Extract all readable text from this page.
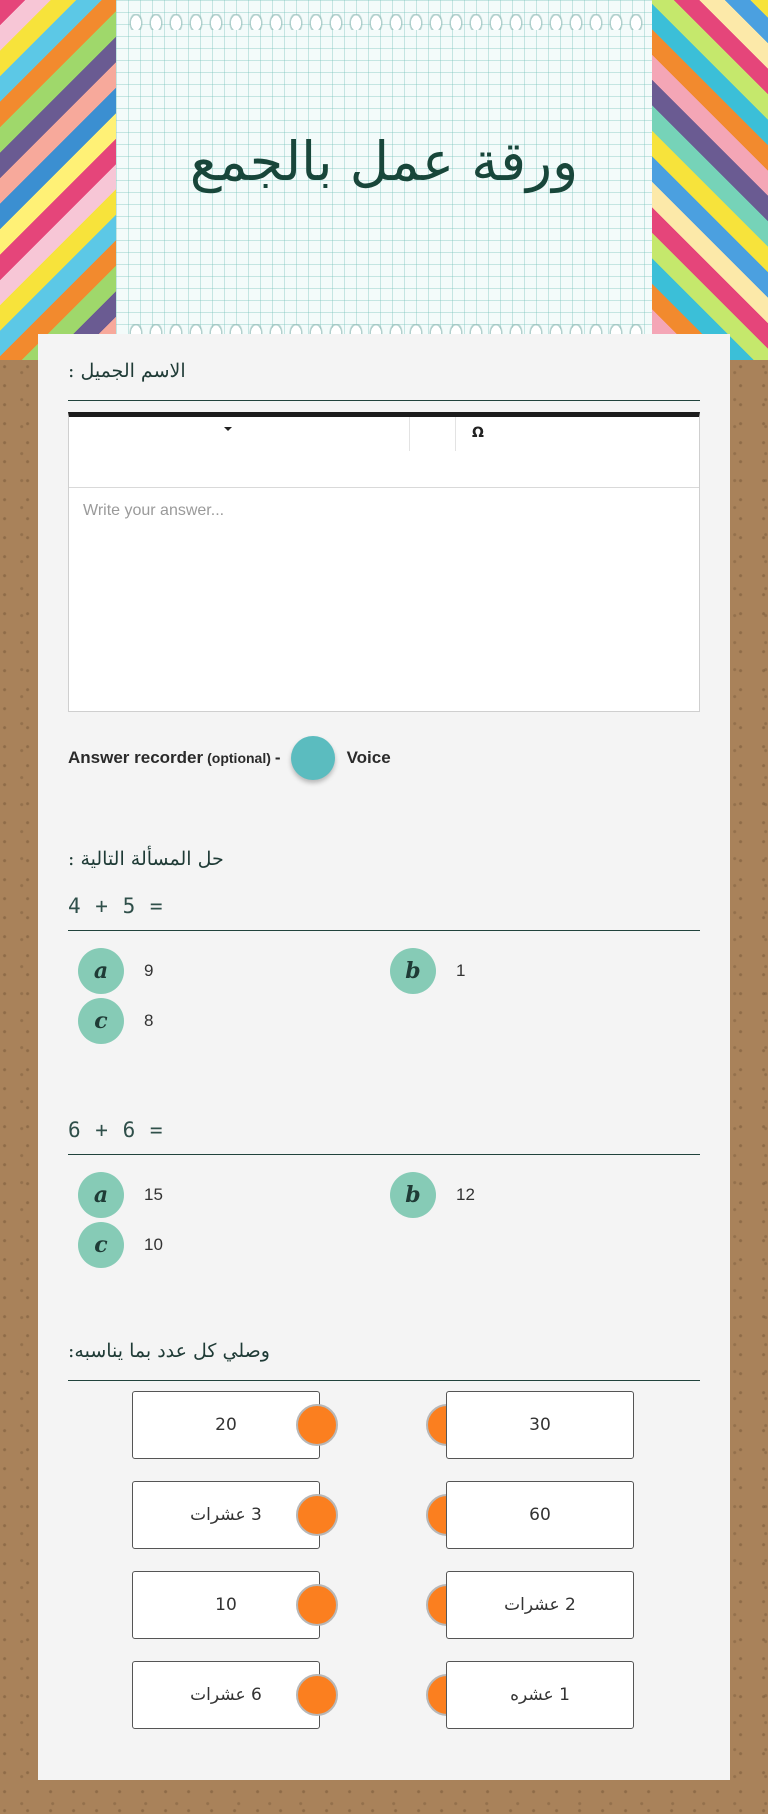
ورقة عمل بالجمع

الاسم الجميل :

Ω
Write your answer...
Answer recorder (optional) -	Voice

حل المسألة التالية :

4 + 5 =

a	9	b	1
c	8

6 + 6 =

a	15	b	12
c	10

وصلي كل عدد بما يناسبه:

20	30
3 عشرات	60
10	2 عشرات
6 عشرات	1 عشره
